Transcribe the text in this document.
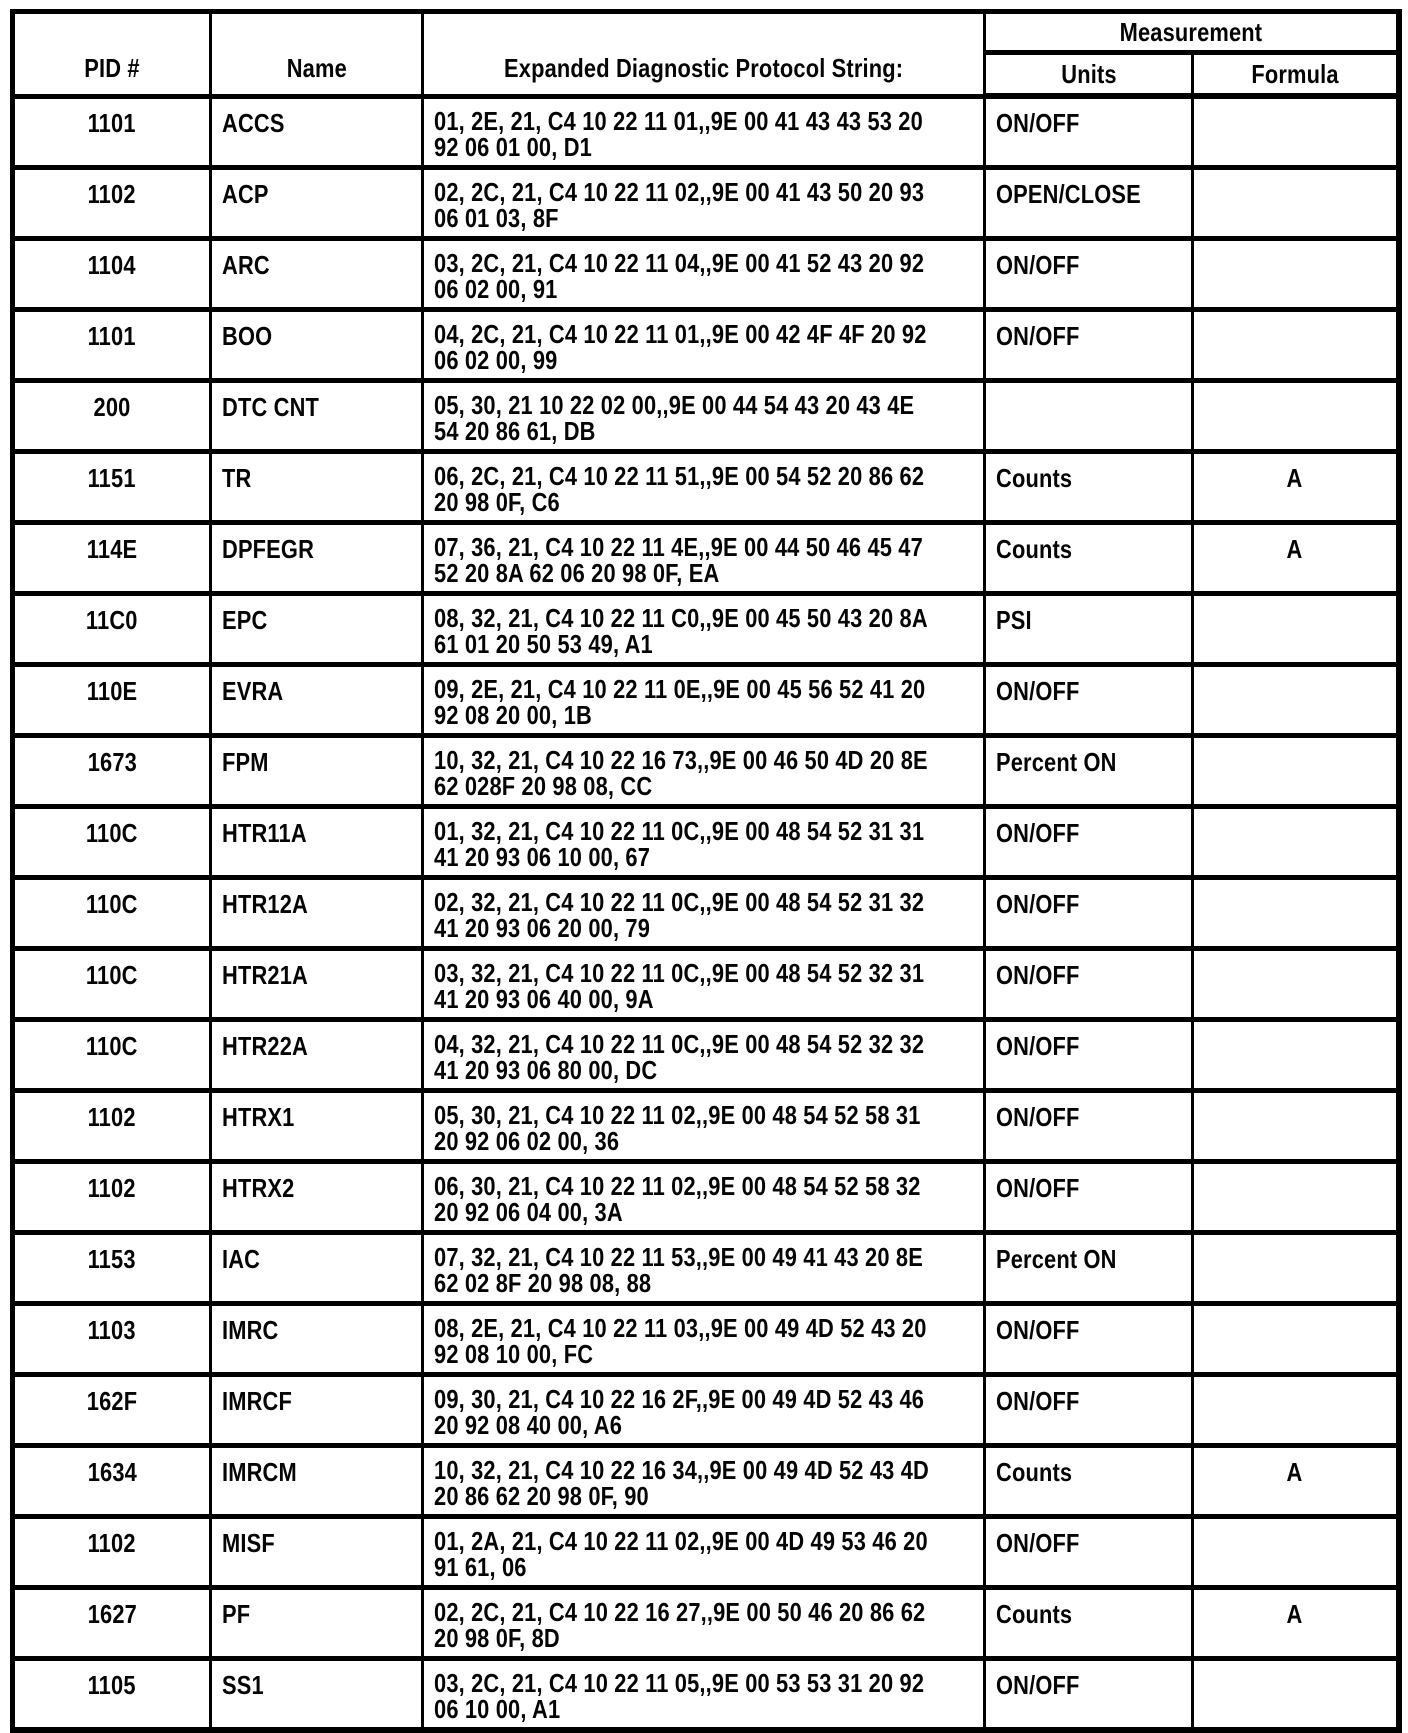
PID #	Name	Expanded Diagnostic Protocol String:	Measurement	
			Units	Formula
1101	ACCS	01, 2E, 21, C4 10 22 11 01,,9E 00 41 43 43 53 20
92 06 01 00, D1	ON/OFF	
1102	ACP	02, 2C, 21, C4 10 22 11 02,,9E 00 41 43 50 20 93
06 01 03, 8F	OPEN/CLOSE	
1104	ARC	03, 2C, 21, C4 10 22 11 04,,9E 00 41 52 43 20 92
06 02 00, 91	ON/OFF	
1101	BOO	04, 2C, 21, C4 10 22 11 01,,9E 00 42 4F 4F 20 92
06 02 00, 99	ON/OFF	
200	DTC CNT	05, 30, 21 10 22 02 00,,9E 00 44 54 43 20 43 4E
54 20 86 61, DB		

1151	TR	06, 2C, 21, C4 10 22 11 51,,9E 00 54 52 20 86 62
20 98 0F, C6	Counts	A
114E	DPFEGR	07, 36, 21, C4 10 22 11 4E,,9E 00 44 50 46 45 47
52 20 8A 62 06 20 98 0F, EA	Counts	A
11C0	EPC	08, 32, 21, C4 10 22 11 C0,,9E 00 45 50 43 20 8A
61 01 20 50 53 49, A1	PSI	
110E	EVRA	09, 2E, 21, C4 10 22 11 0E,,9E 00 45 56 52 41 20
92 08 20 00, 1B	ON/OFF	
1673	FPM	10, 32, 21, C4 10 22 16 73,,9E 00 46 50 4D 20 8E
62 028F 20 98 08, CC	Percent ON	
110C	HTR11A	01, 32, 21, C4 10 22 11 0C,,9E 00 48 54 52 31 31
41 20 93 06 10 00, 67	ON/OFF	
110C	HTR12A	02, 32, 21, C4 10 22 11 0C,,9E 00 48 54 52 31 32
41 20 93 06 20 00, 79	ON/OFF	
110C	HTR21A	03, 32, 21, C4 10 22 11 0C,,9E 00 48 54 52 32 31
41 20 93 06 40 00, 9A	ON/OFF	
110C	HTR22A	04, 32, 21, C4 10 22 11 0C,,9E 00 48 54 52 32 32
41 20 93 06 80 00, DC	ON/OFF	
1102	HTRX1	05, 30, 21, C4 10 22 11 02,,9E 00 48 54 52 58 31
20 92 06 02 00, 36	ON/OFF	
1102	HTRX2	06, 30, 21, C4 10 22 11 02,,9E 00 48 54 52 58 32
20 92 06 04 00, 3A	ON/OFF	
1153	IAC	07, 32, 21, C4 10 22 11 53,,9E 00 49 41 43 20 8E
62 02 8F 20 98 08, 88	Percent ON	
1103	IMRC	08, 2E, 21, C4 10 22 11 03,,9E 00 49 4D 52 43 20
92 08 10 00, FC	ON/OFF	
162F	IMRCF	09, 30, 21, C4 10 22 16 2F,,9E 00 49 4D 52 43 46
20 92 08 40 00, A6	ON/OFF	
1634	IMRCM	10, 32, 21, C4 10 22 16 34,,9E 00 49 4D 52 43 4D
20 86 62 20 98 0F, 90	Counts	A
1102	MISF	01, 2A, 21, C4 10 22 11 02,,9E 00 4D 49 53 46 20
91 61, 06	ON/OFF	
1627	PF	02, 2C, 21, C4 10 22 16 27,,9E 00 50 46 20 86 62
20 98 0F, 8D	Counts	A
1105	SS1	03, 2C, 21, C4 10 22 11 05,,9E 00 53 53 31 20 92
06 10 00, A1	ON/OFF	
